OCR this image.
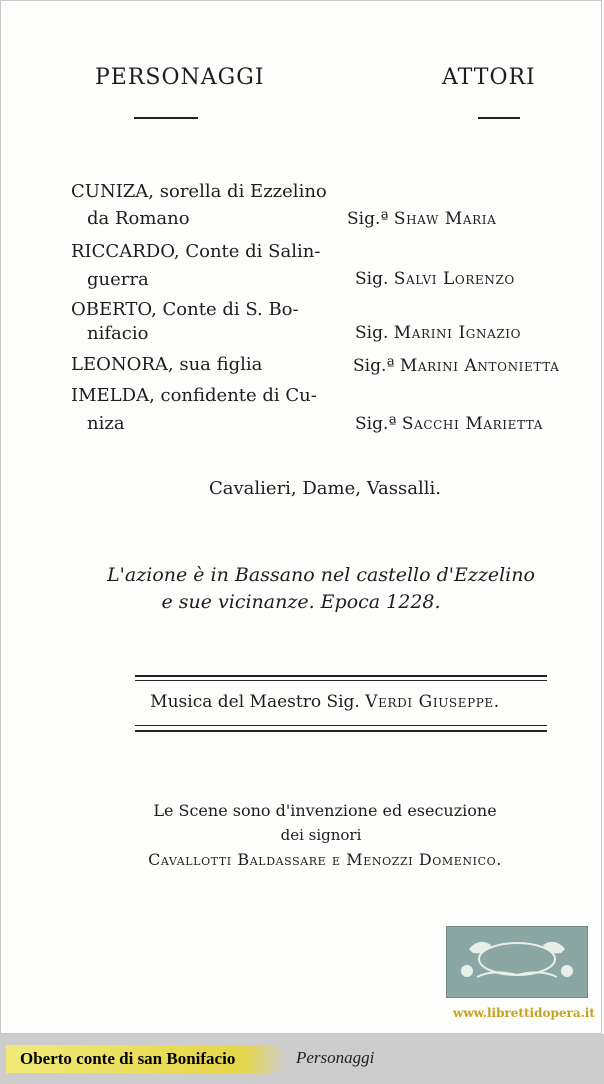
PERSONAGGI	ATTORI
CUNIZA, sorella di Ezzelino
da Romano	Sig.ª Shaw Maria
RICCARDO, Conte di Salin-
guerra	Sig. Salvi Lorenzo
OBERTO, Conte di S. Bo-
nifacio	Sig. Marini Ignazio
LEONORA, sua figlia	Sig.ª Marini Antonietta
IMELDA, confidente di Cu-
niza	Sig.ª Sacchi Marietta
Cavalieri, Dame, Vassalli.
L'azione è in Bassano nel castello d'Ezzelino
e sue vicinanze. Epoca 1228.
Musica del Maestro Sig. Verdi Giuseppe.
Le Scene sono d'invenzione ed esecuzione
dei signori
Cavallotti Baldassare e Menozzi Domenico.
www.librettidopera.it
Oberto conte di san Bonifacio	Personaggi
